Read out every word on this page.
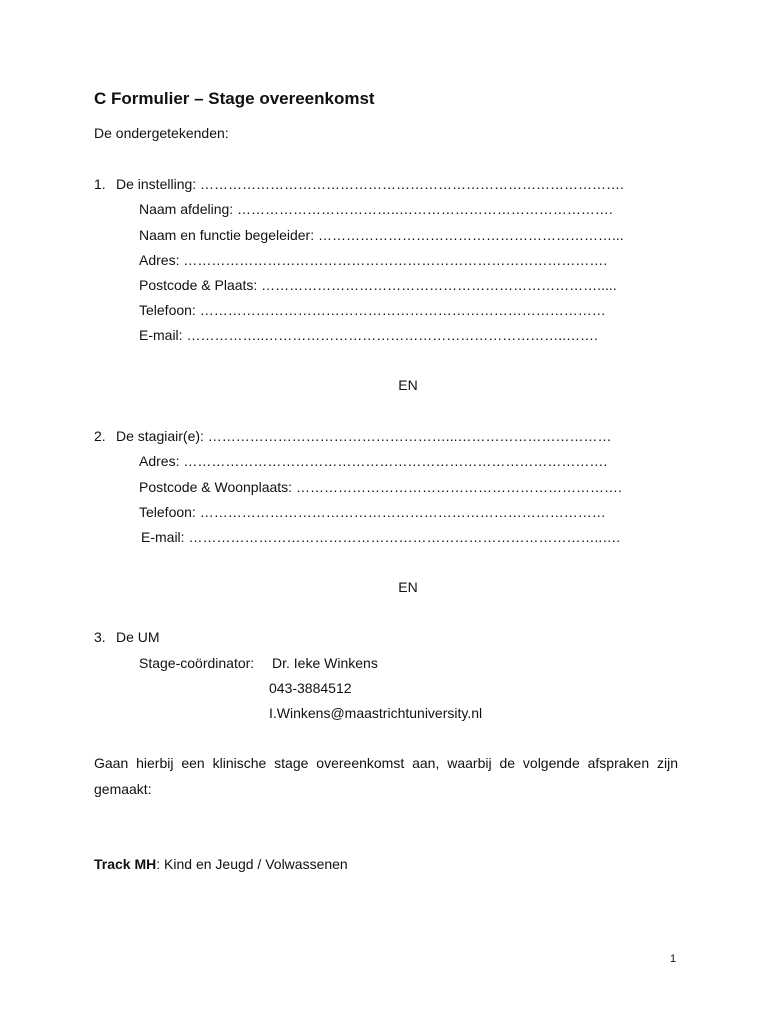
C Formulier – Stage overeenkomst
De ondergetekenden:
1. De instelling: ……………………………………………………………………………….
Naam afdeling: ……………………………..……………………………………….
Naam en functie begeleider: ………………………………………………………...
Adres: ……………………………………………………………………………….
Postcode & Plaats: ……………………………………………………………….....
Telefoon: ……………………………………………………………………………
E-mail: ……………..………………………………………………………..…….
EN
2. De stagiair(e): ……………………………………………...……………………………
Adres: ……………………………………………………………………………….
Postcode & Woonplaats: …………………………………………………………….
Telefoon: ……………………………………………………………………………
E-mail: ……………………………………………………………………………..….
EN
3. De UM
Stage-coördinator: Dr. Ieke Winkens
043-3884512
I.Winkens@maastrichtuniversity.nl
Gaan hierbij een klinische stage overeenkomst aan, waarbij de volgende afspraken zijn gemaakt:
Track MH: Kind en Jeugd / Volwassenen
1
